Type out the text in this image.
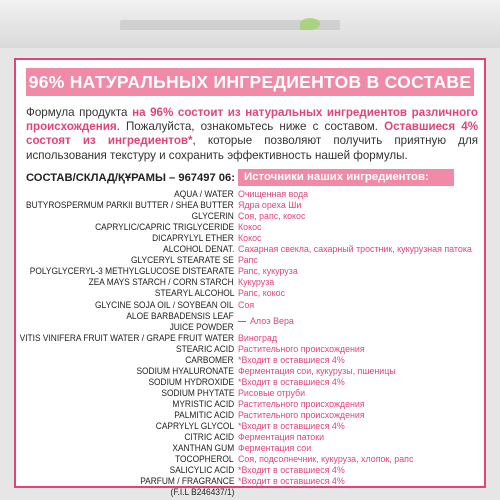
96% НАТУРАЛЬНЫХ ИНГРЕДИЕНТОВ В СОСТАВЕ
Формула продукта на 96% состоит из натуральных ингредиентов различного происхождения. Пожалуйста, ознакомьтесь ниже с составом. Оставшиеся 4% состоят из ингредиентов*, которые позволяют получить приятную для использования текстуру и сохранить эффективность нашей формулы.
СОСТАВ/СКЛАД/ҚҰРАМЫ – 967497 06: Источники наших ингредиентов:
AQUA / WATER Очищенная вода
BUTYROSPERMUM PARKII BUTTER / SHEA BUTTER Ядра ореха Ши
GLYCERIN Соя, рапс, кокос
CAPRYLIC/CAPRIC TRIGLYCERIDE Кокос
DICAPRYLYL ETHER Кокос
ALCOHOL DENAT. Сахарная свекла, сахарный тростник, кукурузная патока
GLYCERYL STEARATE SE Рапс
POLYGLYCERYL-3 METHYLGLUCOSE DISTEARATE Рапс, кукуруза
ZEA MAYS STARCH / CORN STARCH Кукуруза
STEARYL ALCOHOL Рапс, кокос
GLYCINE SOJA OIL / SOYBEAN OIL Соя
ALOE BARBADENSIS LEAF
JUICE POWDER
VITIS VINIFERA FRUIT WATER / GRAPE FRUIT WATER Виноград
STEARIC ACID Растительного происхождения
CARBOMER *Входит в оставшиеся 4%
SODIUM HYALURONATE Ферментация сои, кукурузы, пшеницы
SODIUM HYDROXIDE *Входит в оставшиеся 4%
SODIUM PHYTATE Рисовые отруби
MYRISTIC ACID Растительного происхождения
PALMITIC ACID Растительного происхождения
CAPRYLYL GLYCOL *Входит в оставшиеся 4%
CITRIC ACID Ферментация патоки
XANTHAN GUM Ферментация сои
TOCOPHEROL Соя, подсолнечник, кукуруза, хлопок, рапс
SALICYLIC ACID *Входит в оставшиеся 4%
PARFUM / FRAGRANCE *Входит в оставшиеся 4%
(F.I.L B246437/1)
Алоэ Вера
